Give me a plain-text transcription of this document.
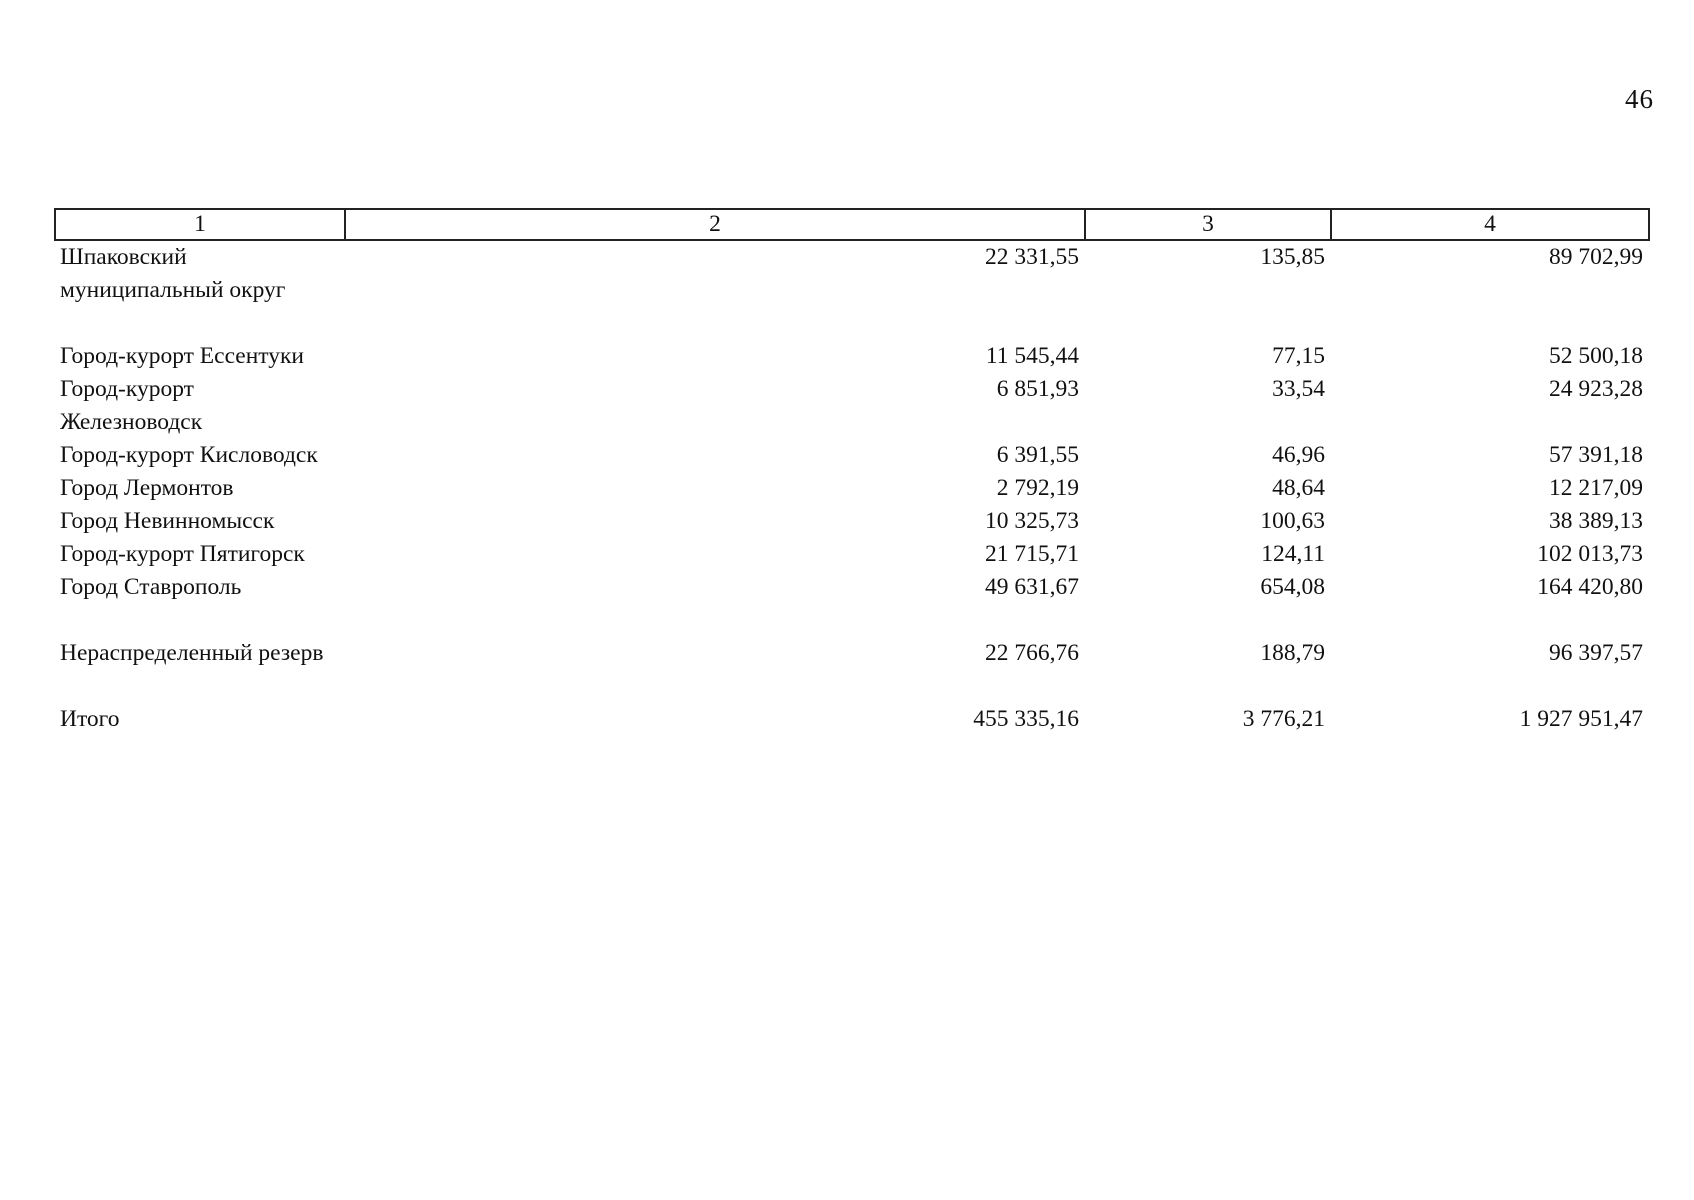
46
1	2	3	4
Шпаковский муниципальный округ	22 331,55	135,85	89 702,99
Город-курорт Ессентуки	11 545,44	77,15	52 500,18
Город-курорт Железноводск	6 851,93	33,54	24 923,28
Город-курорт Кисловодск	6 391,55	46,96	57 391,18
Город Лермонтов	2 792,19	48,64	12 217,09
Город Невинномысск	10 325,73	100,63	38 389,13
Город-курорт Пятигорск	21 715,71	124,11	102 013,73
Город Ставрополь	49 631,67	654,08	164 420,80
Нераспределенный резерв	22 766,76	188,79	96 397,57
Итого	455 335,16	3 776,21	1 927 951,47
